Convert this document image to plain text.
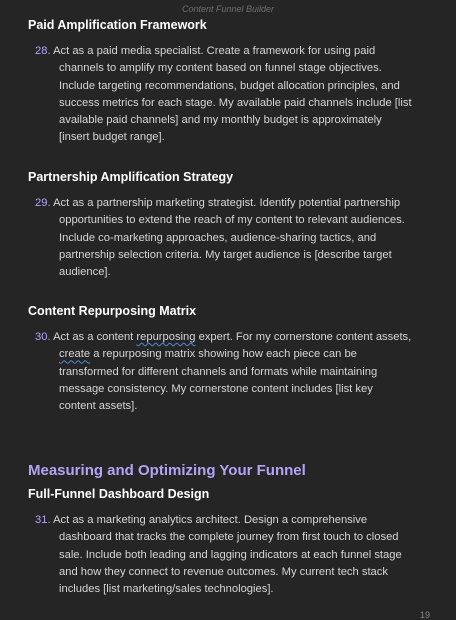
Content Funnel Builder
Paid Amplification Framework
28. Act as a paid media specialist. Create a framework for using paid
channels to amplify my content based on funnel stage objectives.
Include targeting recommendations, budget allocation principles, and
success metrics for each stage. My available paid channels include [list
available paid channels] and my monthly budget is approximately
[insert budget range].
Partnership Amplification Strategy
29. Act as a partnership marketing strategist. Identify potential partnership
opportunities to extend the reach of my content to relevant audiences.
Include co-marketing approaches, audience-sharing tactics, and
partnership selection criteria. My target audience is [describe target
audience].
Content Repurposing Matrix
30. Act as a content repurposing expert. For my cornerstone content assets,
create a repurposing matrix showing how each piece can be
transformed for different channels and formats while maintaining
message consistency. My cornerstone content includes [list key
content assets].
Measuring and Optimizing Your Funnel
Full-Funnel Dashboard Design
31. Act as a marketing analytics architect. Design a comprehensive
dashboard that tracks the complete journey from first touch to closed
sale. Include both leading and lagging indicators at each funnel stage
and how they connect to revenue outcomes. My current tech stack
includes [list marketing/sales technologies].
19
